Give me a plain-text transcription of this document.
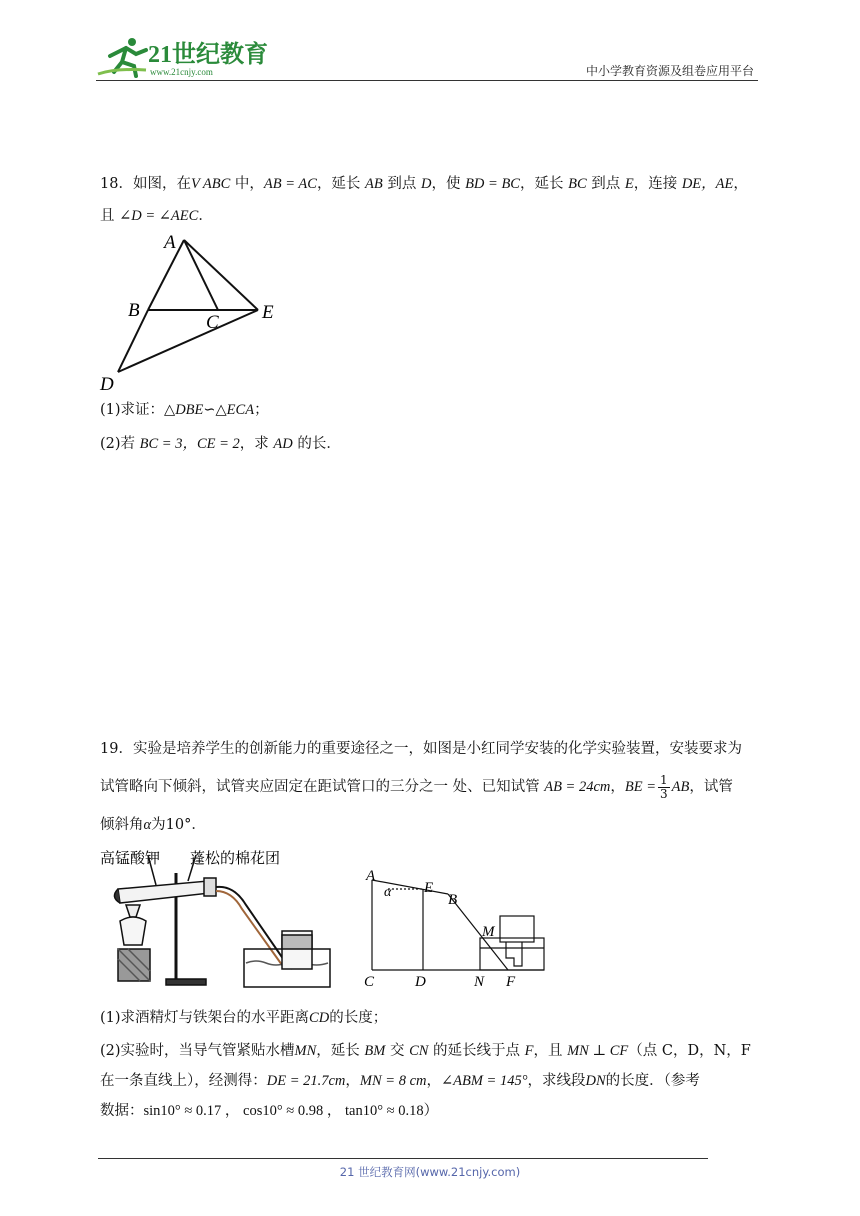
21世纪教育
www.21cnjy.com	中小学教育资源及组卷应用平台
18．如图，在V ABC 中，AB = AC，延长 AB 到点 D，使 BD = BC，延长 BC 到点 E，连接 DE，AE，
且 ∠D = ∠AEC．
A
B
C E
D
(1)求证：△DBE∽△ECA；
(2)若 BC = 3，CE = 2，求 AD 的长．
19．实验是培养学生的创新能力的重要途径之一，如图是小红同学安装的化学实验装置，安装要求为
试管略向下倾斜，试管夹应固定在距试管口的三分之一 处、已知试管 AB = 24cm，BE = $\frac{1}{3}$ AB，试管
倾斜角α为10°．
高锰酸钾 蓬松的棉花团
A
α E
B
M
C	D	N F
(1)求酒精灯与铁架台的水平距离CD的长度；
(2)实验时，当导气管紧贴水槽MN，延长 BM 交 CN 的延长线于点 F，且 MN ⊥ CF（点 C，D，N，F
在一条直线上），经测得：DE = 21.7cm，MN = 8 cm，∠ABM = 145°，求线段DN的长度．（参考
数据：sin10° ≈ 0.17 ， cos10° ≈ 0.98 ， tan10° ≈ 0.18）
21 世纪教育网(www.21cnjy.com)
